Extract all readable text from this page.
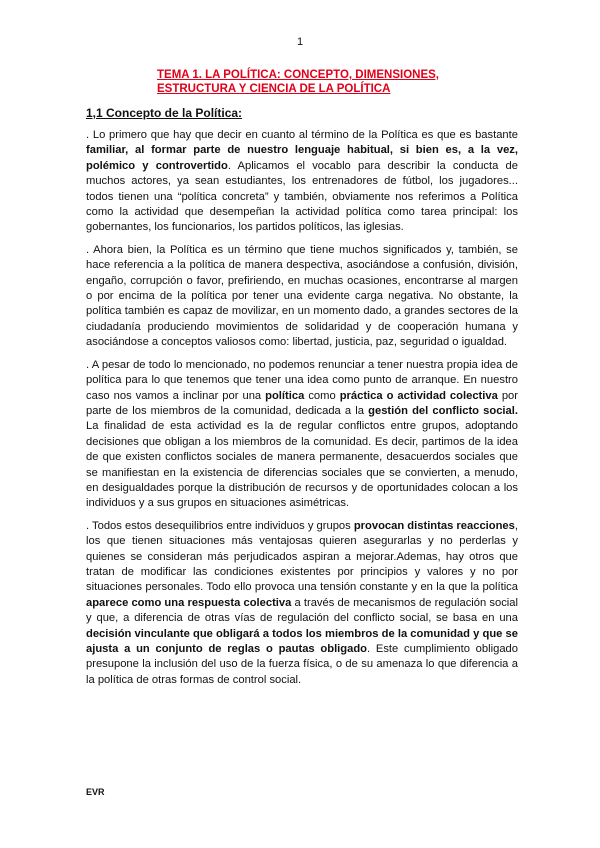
1
TEMA 1. LA POLÍTICA: CONCEPTO, DIMENSIONES, ESTRUCTURA Y CIENCIA DE LA POLÍTICA
1,1 Concepto de la Política:

. Lo primero que hay que decir en cuanto al término de la Política es que es bastante familiar, al formar parte de nuestro lenguaje habitual, si bien es, a la vez, polémico y controvertido. Aplicamos el vocablo para describir la conducta de muchos actores, ya sean estudiantes, los entrenadores de fútbol, los jugadores... todos tienen una “política concreta” y también, obviamente nos referimos a Política como la actividad que desempeñan la actividad política como tarea principal: los gobernantes, los funcionarios, los partidos políticos, las iglesias.

. Ahora bien, la Política es un término que tiene muchos significados y, también, se hace referencia a la política de manera despectiva, asociándose a confusión, división, engaño, corrupción o favor, prefiriendo, en muchas ocasiones, encontrarse al margen o por encima de la política por tener una evidente carga negativa. No obstante, la política también es capaz de movilizar, en un momento dado, a grandes sectores de la ciudadanía produciendo movimientos de solidaridad y de cooperación humana y asociándose a conceptos valiosos como: libertad, justicia, paz, seguridad o igualdad.

. A pesar de todo lo mencionado, no podemos renunciar a tener nuestra propia idea de política para lo que tenemos que tener una idea como punto de arranque. En nuestro caso nos vamos a inclinar por una política como práctica o actividad colectiva por parte de los miembros de la comunidad, dedicada a la gestión del conflicto social. La finalidad de esta actividad es la de regular conflictos entre grupos, adoptando decisiones que obligan a los miembros de la comunidad. Es decir, partimos de la idea de que existen conflictos sociales de manera permanente, desacuerdos sociales que se manifiestan en la existencia de diferencias sociales que se convierten, a menudo, en desigualdades porque la distribución de recursos y de oportunidades colocan a los individuos y a sus grupos en situaciones asimétricas.

. Todos estos desequilibrios entre individuos y grupos provocan distintas reacciones, los que tienen situaciones más ventajosas quieren asegurarlas y no perderlas y quienes se consideran más perjudicados aspiran a mejorar.Ademas, hay otros que tratan de modificar las condiciones existentes por principios y valores y no por situaciones personales. Todo ello provoca una tensión constante y en la que la política aparece como una respuesta colectiva a través de mecanismos de regulación social y que, a diferencia de otras vías de regulación del conflicto social, se basa en una decisión vinculante que obligará a todos los miembros de la comunidad y que se ajusta a un conjunto de reglas o pautas obligado. Este cumplimiento obligado presupone la inclusión del uso de la fuerza física, o de su amenaza lo que diferencia a la política de otras formas de control social.

EVR
